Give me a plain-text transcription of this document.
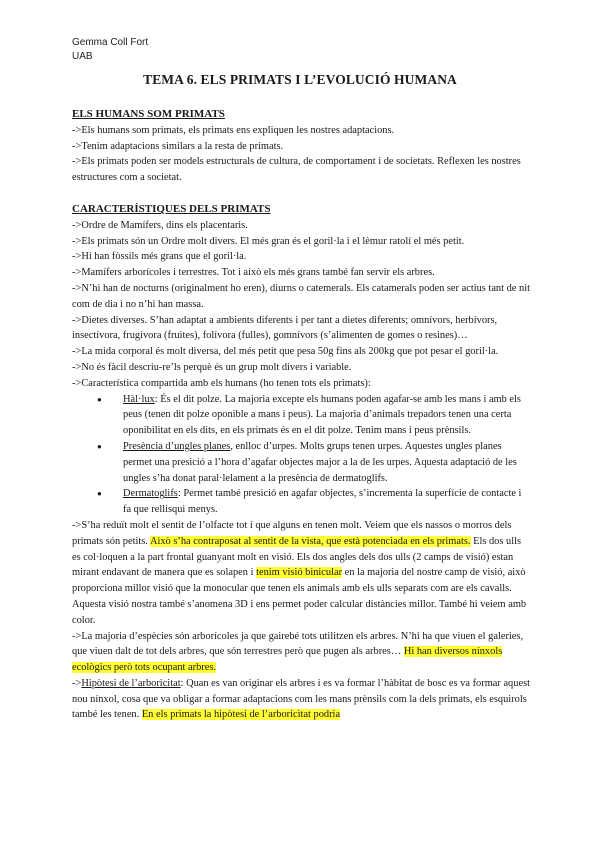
Gemma Coll Fort
UAB
TEMA 6. ELS PRIMATS I L’EVOLUCIÓ HUMANA

ELS HUMANS SOM PRIMATS

->Els humans som primats, els primats ens expliquen les nostres adaptacions.

->Tenim adaptacions similars a la resta de primats.

->Els primats poden ser models estructurals de cultura, de comportament i de societats. Reflexen les nostres estructures com a societat.

CARACTERÍSTIQUES DELS PRIMATS

->Ordre de Mamífers, dins els placentaris.

->Els primats són un Ordre molt divers. El més gran és el goril·la i el lèmur ratolí el més petit.

->Hi han fòssils més grans que el goril·la.

->Mamífers arborícoles i terrestres. Tot i això els més grans també fan servir els arbres.

->N’hi han de nocturns (originalment ho eren), diurns o catemerals. Els catamerals poden ser actius tant de nit com de dia i no n’hi han massa.

->Dietes diverses. S’han adaptat a ambients diferents i per tant a dietes diferents; omnívors, herbívors, insectívora, frugívora (fruites), folívora (fulles), gomnívors (s’alimenten de gomes o resines)…

->La mida corporal és molt diversa, del més petit que pesa 50g fins als 200kg que pot pesar el goril·la.

->No és fàcil descriu-re’ls perquè és un grup molt divers i variable.

->Característica compartida amb els humans (ho tenen tots els primats):

● Hàl·lux: És el dit polze. La majoria excepte els humans poden agafar-se amb les mans i amb els peus (tenen dit polze oponible a mans i peus). La majoria d’animals trepadors tenen una certa oponibilitat en els dits, en els primats és en el dit polze. Tenim mans i peus prènsils.
● Presència d’ungles planes, enlloc d’urpes. Molts grups tenen urpes. Aquestes ungles planes permet una presició a l’hora d’agafar objectes major a la de les urpes. Aquesta adaptació de les ungles s’ha donat paral·lelament a la presència de dermatoglifs.
● Dermatoglifs: Permet també presició en agafar objectes, s’incrementa la superfície de contacte i fa que rellisqui menys.

->S’ha reduït molt el sentit de l’olfacte tot i que alguns en tenen molt. Veiem que els nassos o morros dels primats són petits. Això s’ha contraposat al sentit de la vista, que està potenciada en els primats. Els dos ulls es col·loquen a la part frontal guanyant molt en visió. Els dos angles dels dos ulls (2 camps de visió) estan mirant endavant de manera que es solapen i tenim visió binicular en la majoria del nostre camp de visió, això proporciona millor visió que la monocular que tenen els animals amb els ulls separats com are els cavalls. Aquesta visió nostra també s’anomena 3D i ens permet poder calcular distàncies millor. També hi veiem amb color.

->La majoria d’espècies són arborícoles ja que gairebé tots utilitzen els arbres. N’hi ha que viuen el galeries, que viuen dalt de tot dels arbres, que són terrestres però que pugen als arbres… Hi han diversos nínxols ecològics però tots ocupant arbres.

->Hipòtesi de l’arboricitat: Quan es van originar els arbres i es va formar l’hàbitat de bosc es va formar aquest nou nínxol, cosa que va obligar a formar adaptacions com les mans prènsils com la dels primats, els esquirols també les tenen. En els primats la hipòtesi de l’arboricitat podria
